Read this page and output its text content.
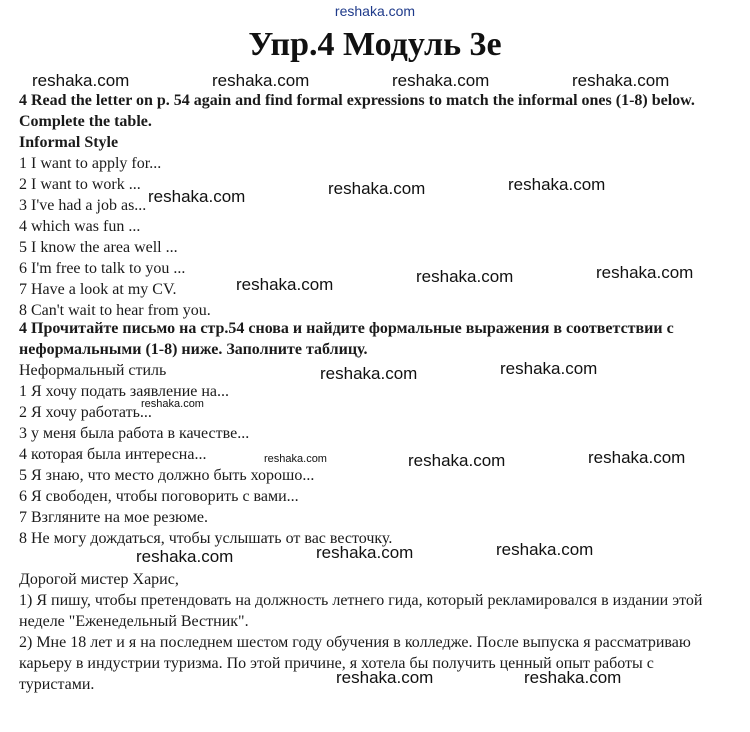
reshaka.com
Упр.4 Модуль 3е
4 Read the letter on p. 54 again and find formal expressions to match the informal ones (1-8) below. Complete the table.
Informal Style
1 I want to apply for...
2 I want to work ...
3 I've had a job as...
4 which was fun ...
5 I know the area well ...
6 I'm free to talk to you ...
7 Have a look at my CV.
8 Can't wait to hear from you.
4 Прочитайте письмо на стр.54 снова и найдите формальные выражения в соответствии с неформальными (1-8) ниже. Заполните таблицу.
Неформальный стиль
1 Я хочу подать заявление на...
2 Я хочу работать...
3 у меня была работа в качестве...
4 которая была интересна...
5 Я знаю, что место должно быть хорошо...
6 Я свободен, чтобы поговорить с вами...
7 Взгляните на мое резюме.
8 Не могу дождаться, чтобы услышать от вас весточку.
Дорогой мистер Харис,
1) Я пишу, чтобы претендовать на должность летнего гида, который рекламировался в издании этой неделе "Еженедельный Вестник".
2) Мне 18 лет и я на последнем шестом году обучения в колледже. После выпуска я рассматриваю карьеру в индустрии туризма. По этой причине, я хотела бы получить ценный опыт работы с туристами.
reshaka.com	reshaka.com	reshaka.com	reshaka.com
reshaka.com	reshaka.com
reshaka.com
reshaka.com	reshaka.com
reshaka.com
reshaka.com	reshaka.com
reshaka.com
reshaka.com	reshaka.com	reshaka.com
reshaka.com	reshaka.com	reshaka.com
reshaka.com	reshaka.com
